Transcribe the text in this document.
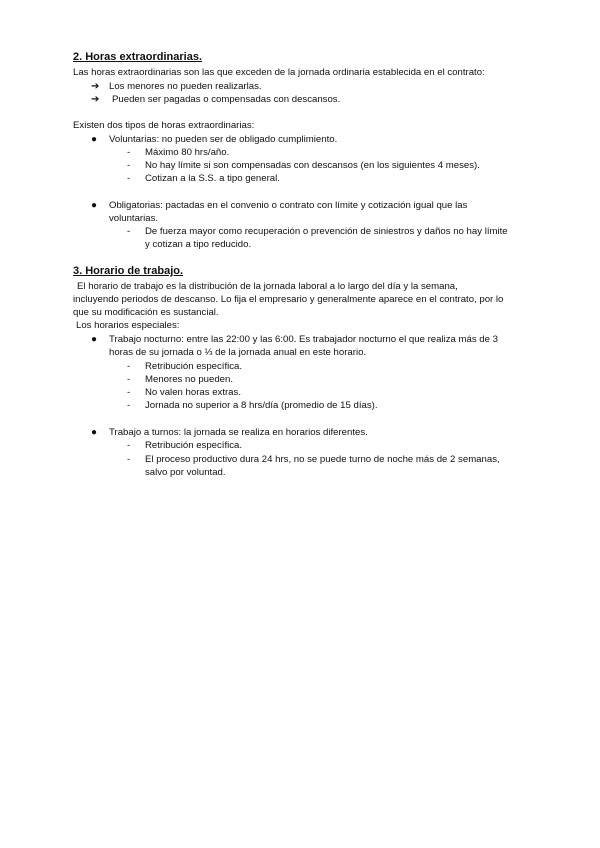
2. Horas extraordinarias.
Las horas extraordinarias son las que exceden de la jornada ordinaria establecida en el contrato:
➔ Los menores no pueden realizarlas.
➔ Pueden ser pagadas o compensadas con descansos.
Existen dos tipos de horas extraordinarias:
● Voluntarias: no pueden ser de obligado cumplimiento.
- Máximo 80 hrs/año.
- No hay límite si son compensadas con descansos (en los siguientes 4 meses).
- Cotizan a la S.S. a tipo general.
● Obligatorias: pactadas en el convenio o contrato con límite y cotización igual que las
voluntarias.
- De fuerza mayor como recuperación o prevención de siniestros y daños no hay límite
y cotizan a tipo reducido.
3. Horario de trabajo.
El horario de trabajo es la distribución de la jornada laboral a lo largo del día y la semana,
incluyendo periodos de descanso. Lo fija el empresario y generalmente aparece en el contrato, por lo
que su modificación es sustancial.
Los horarios especiales:
● Trabajo nocturno: entre las 22:00 y las 6:00. Es trabajador nocturno el que realiza más de 3
horas de su jornada o ⅓ de la jornada anual en este horario.
- Retribución específica.
- Menores no pueden.
- No valen horas extras.
- Jornada no superior a 8 hrs/día (promedio de 15 días).
● Trabajo a turnos: la jornada se realiza en horarios diferentes.
- Retribución específica.
- El proceso productivo dura 24 hrs, no se puede turno de noche más de 2 semanas,
salvo por voluntad.
